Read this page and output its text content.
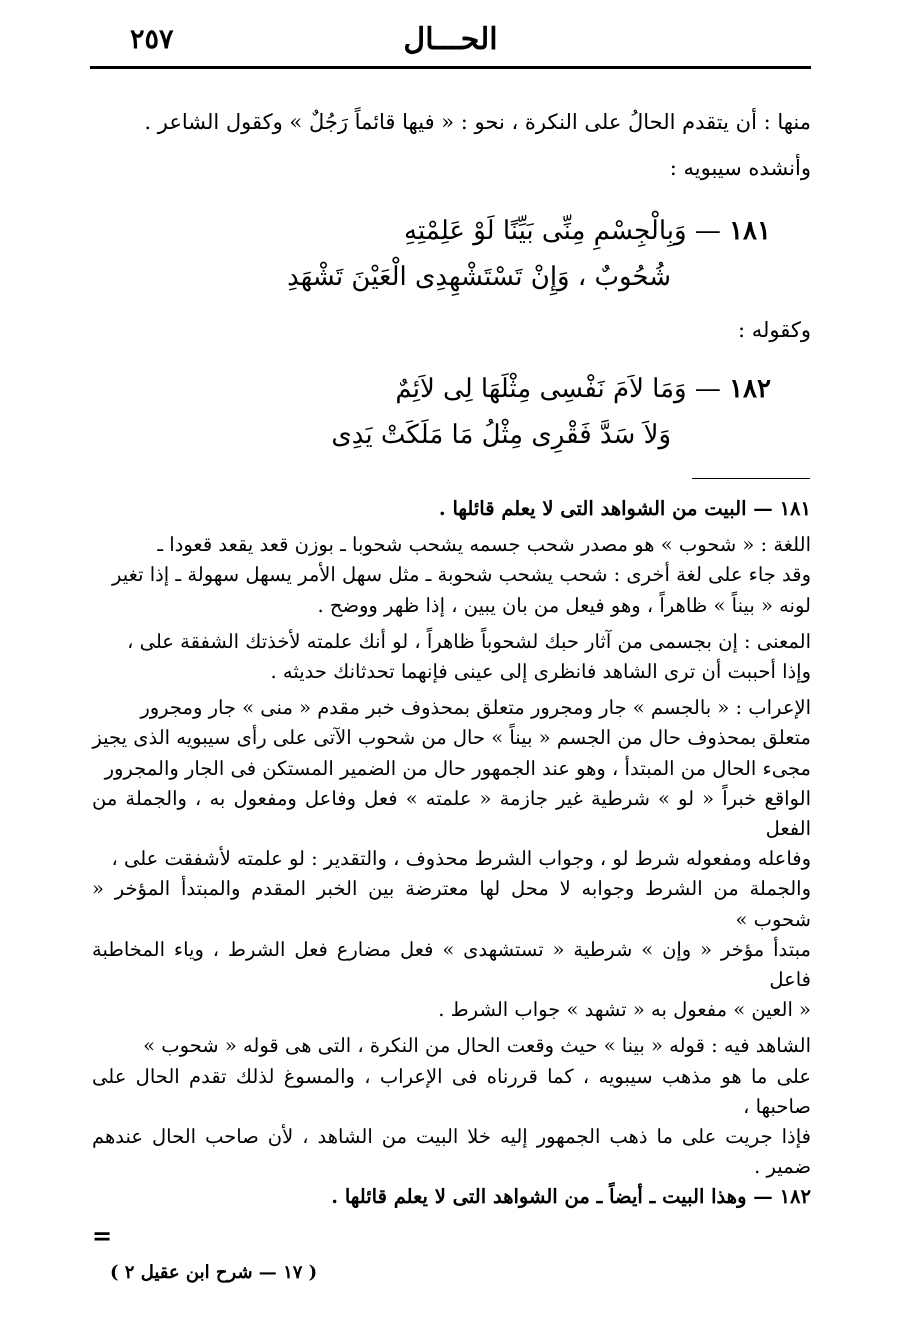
٢٥٧	الحـــال

منها : أن يتقدم الحالُ على النكرة ، نحو : « فيها قائماً رَجُلٌ » وكقول الشاعر .

وأنشده سيبويه :

١٨١ — وَبِالْجِسْمِ مِنِّى بَيِّنًا لَوْ عَلِمْتِهِ
شُحُوبٌ ، وَإِنْ تَسْتَشْهِدِى الْعَيْنَ تَشْهَدِ
وكقوله :
١٨٢ — وَمَا لاَمَ نَفْسِى مِثْلَهَا لِى لاَئِمٌ
وَلاَ سَدَّ فَقْرِى مِثْلُ مَا مَلَكَتْ يَدِى

١٨١ — البيت من الشواهد التى لا يعلم قائلها .

اللغة : « شحوب » هو مصدر شحب جسمه يشحب شحوبا ـ بوزن قعد يقعد قعودا ـ
وقد جاء على لغة أخرى : شحب يشحب شحوبة ـ مثل سهل الأمر يسهل سهولة ـ إذا تغير
لونه « بيناً » ظاهراً ، وهو فيعل من بان يبين ، إذا ظهر ووضح .

المعنى : إن بجسمى من آثار حبك لشحوباً ظاهراً ، لو أنك علمته لأخذتك الشفقة على ،
وإذا أحببت أن ترى الشاهد فانظرى إلى عينى فإنهما تحدثانك حديثه .

الإعراب : « بالجسم » جار ومجرور متعلق بمحذوف خبر مقدم « منى » جار ومجرور
متعلق بمحذوف حال من الجسم « بيناً » حال من شحوب الآتى على رأى سيبويه الذى يجيز
مجىء الحال من المبتدأ ، وهو عند الجمهور حال من الضمير المستكن فى الجار والمجرور
الواقع خبراً « لو » شرطية غير جازمة « علمته » فعل وفاعل ومفعول به ، والجملة من الفعل
وفاعله ومفعوله شرط لو ، وجواب الشرط محذوف ، والتقدير : لو علمته لأشفقت على ،
والجملة من الشرط وجوابه لا محل لها معترضة بين الخبر المقدم والمبتدأ المؤخر « شحوب »
مبتدأ مؤخر « وإن » شرطية « تستشهدى » فعل مضارع فعل الشرط ، وياء المخاطبة فاعل
« العين » مفعول به « تشهد » جواب الشرط .

الشاهد فيه : قوله « بينا » حيث وقعت الحال من النكرة ، التى هى قوله « شحوب »
على ما هو مذهب سيبويه ، كما قررناه فى الإعراب ، والمسوغ لذلك تقدم الحال على صاحبها ،
فإذا جريت على ما ذهب الجمهور إليه خلا البيت من الشاهد ، لأن صاحب الحال عندهم ضمير .

١٨٢ — وهذا البيت ـ أيضاً ـ من الشواهد التى لا يعلم قائلها .

=
( ١٧ — شرح ابن عقيل ٢ )
